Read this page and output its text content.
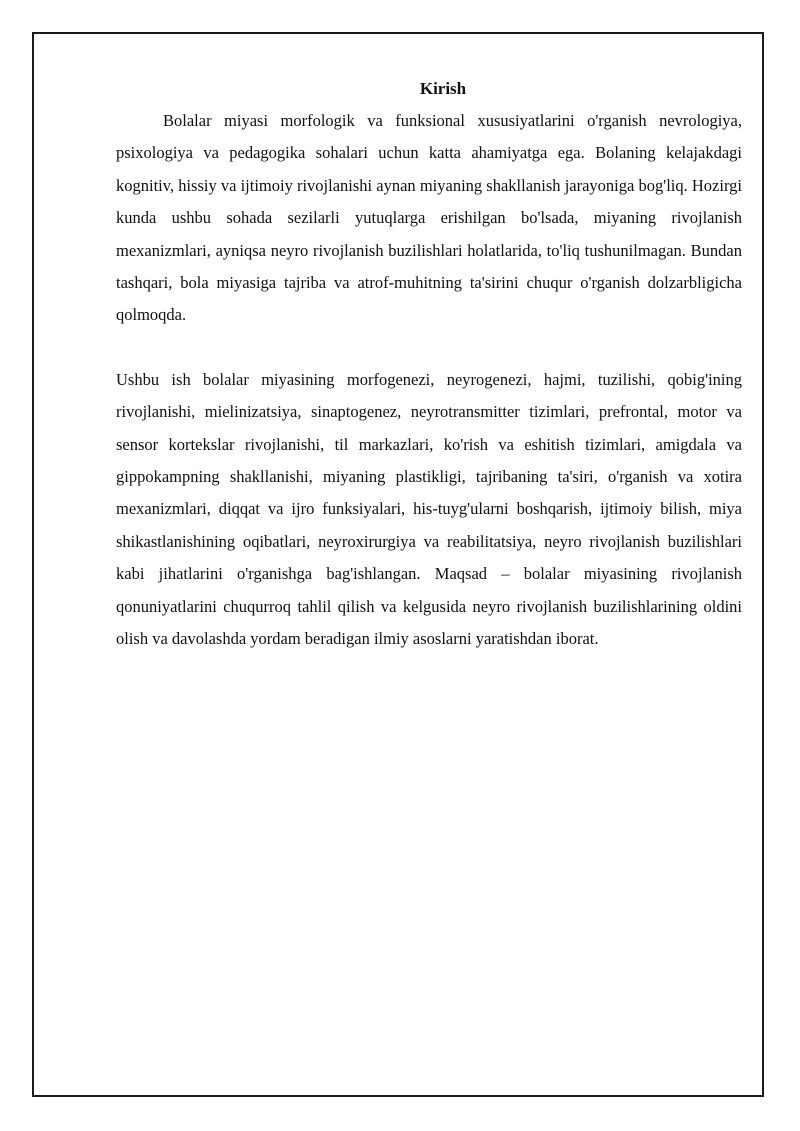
Kirish

Bolalar miyasi morfologik va funksional xususiyatlarini o'rganish nevrologiya, psixologiya va pedagogika sohalari uchun katta ahamiyatga ega. Bolaning kelajakdagi kognitiv, hissiy va ijtimoiy rivojlanishi aynan miyaning shakllanish jarayoniga bog'liq. Hozirgi kunda ushbu sohada sezilarli yutuqlarga erishilgan bo'lsada, miyaning rivojlanish mexanizmlari, ayniqsa neyro rivojlanish buzilishlari holatlarida, to'liq tushunilmagan. Bundan tashqari, bola miyasiga tajriba va atrof-muhitning ta'sirini chuqur o'rganish dolzarbligicha qolmoqda.

Ushbu ish bolalar miyasining morfogenezi, neyrogenezi, hajmi, tuzilishi, qobig'ining rivojlanishi, mielinizatsiya, sinaptogenez, neyrotransmitter tizimlari, prefrontal, motor va sensor kortekslar rivojlanishi, til markazlari, ko'rish va eshitish tizimlari, amigdala va gippokampning shakllanishi, miyaning plastikligi, tajribaning ta'siri, o'rganish va xotira mexanizmlari, diqqat va ijro funksiyalari, his-tuyg'ularni boshqarish, ijtimoiy bilish, miya shikastlanishining oqibatlari, neyroxirurgiya va reabilitatsiya, neyro rivojlanish buzilishlari kabi jihatlarini o'rganishga bag'ishlangan. Maqsad – bolalar miyasining rivojlanish qonuniyatlarini chuqurroq tahlil qilish va kelgusida neyro rivojlanish buzilishlarining oldini olish va davolashda yordam beradigan ilmiy asoslarni yaratishdan iborat.
